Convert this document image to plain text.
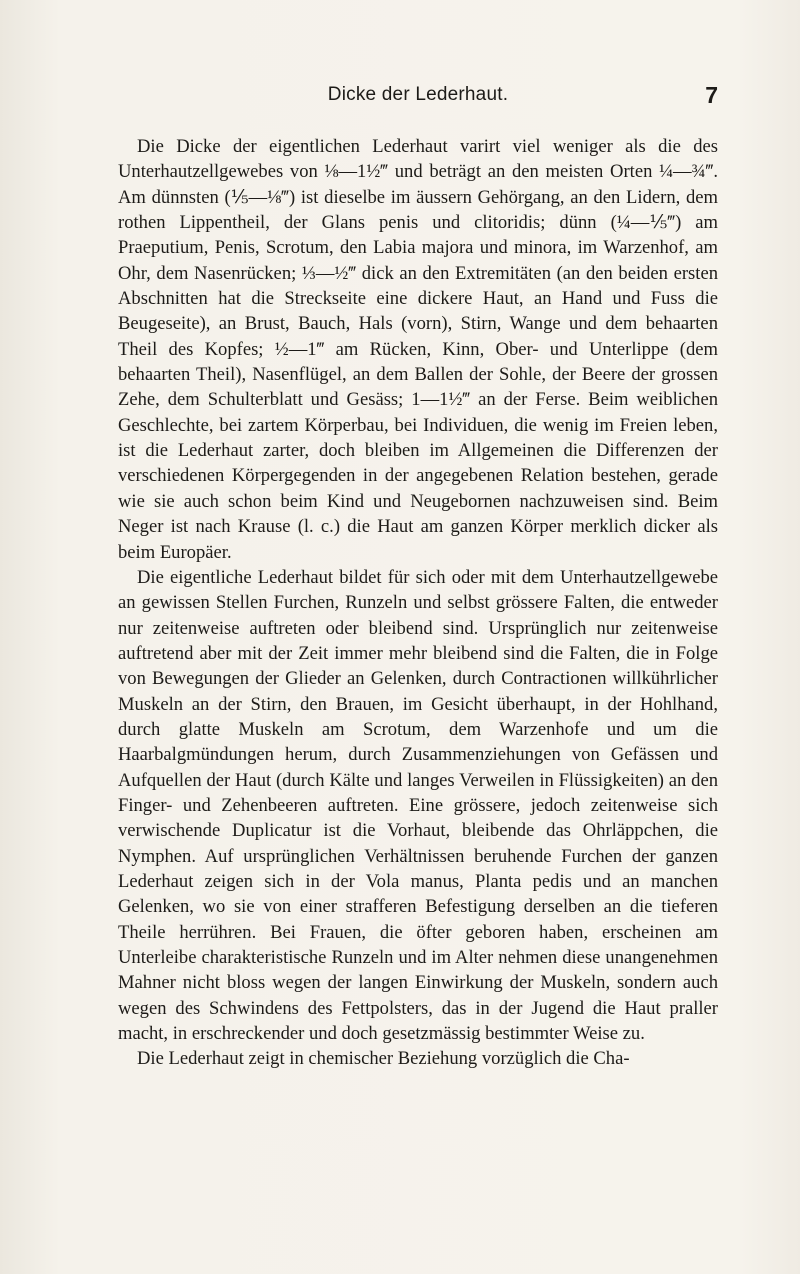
Dicke der Lederhaut.	7

Die Dicke der eigentlichen Lederhaut varirt viel weniger als die des Unterhautzellgewebes von ⅛—1½‴ und beträgt an den meisten Orten ¼—¾‴. Am dünnsten (⅕—⅛‴) ist dieselbe im äussern Gehörgang, an den Lidern, dem rothen Lippentheil, der Glans penis und clitoridis; dünn (¼—⅕‴) am Praeputium, Penis, Scrotum, den Labia majora und minora, im Warzenhof, am Ohr, dem Nasenrücken; ⅓—½‴ dick an den Extremitäten (an den beiden ersten Abschnitten hat die Streckseite eine dickere Haut, an Hand und Fuss die Beugeseite), an Brust, Bauch, Hals (vorn), Stirn, Wange und dem behaarten Theil des Kopfes; ½—1‴ am Rücken, Kinn, Ober- und Unterlippe (dem behaarten Theil), Nasenflügel, an dem Ballen der Sohle, der Beere der grossen Zehe, dem Schulterblatt und Gesäss; 1—1½‴ an der Ferse. Beim weiblichen Geschlechte, bei zartem Körperbau, bei Individuen, die wenig im Freien leben, ist die Lederhaut zarter, doch bleiben im Allgemeinen die Differenzen der verschiedenen Körpergegenden in der angegebenen Relation bestehen, gerade wie sie auch schon beim Kind und Neugebornen nachzuweisen sind. Beim Neger ist nach Krause (l. c.) die Haut am ganzen Körper merklich dicker als beim Europäer.

Die eigentliche Lederhaut bildet für sich oder mit dem Unterhautzellgewebe an gewissen Stellen Furchen, Runzeln und selbst grössere Falten, die entweder nur zeitenweise auftreten oder bleibend sind. Ursprünglich nur zeitenweise auftretend aber mit der Zeit immer mehr bleibend sind die Falten, die in Folge von Bewegungen der Glieder an Gelenken, durch Contractionen willkührlicher Muskeln an der Stirn, den Brauen, im Gesicht überhaupt, in der Hohlhand, durch glatte Muskeln am Scrotum, dem Warzenhofe und um die Haarbalgmündungen herum, durch Zusammenziehungen von Gefässen und Aufquellen der Haut (durch Kälte und langes Verweilen in Flüssigkeiten) an den Finger- und Zehenbeeren auftreten. Eine grössere, jedoch zeitenweise sich verwischende Duplicatur ist die Vorhaut, bleibende das Ohrläppchen, die Nymphen. Auf ursprünglichen Verhältnissen beruhende Furchen der ganzen Lederhaut zeigen sich in der Vola manus, Planta pedis und an manchen Gelenken, wo sie von einer strafferen Befestigung derselben an die tieferen Theile herrühren. Bei Frauen, die öfter geboren haben, erscheinen am Unterleibe charakteristische Runzeln und im Alter nehmen diese unangenehmen Mahner nicht bloss wegen der langen Einwirkung der Muskeln, sondern auch wegen des Schwindens des Fettpolsters, das in der Jugend die Haut praller macht, in erschreckender und doch gesetzmässig bestimmter Weise zu.

Die Lederhaut zeigt in chemischer Beziehung vorzüglich die Cha-
